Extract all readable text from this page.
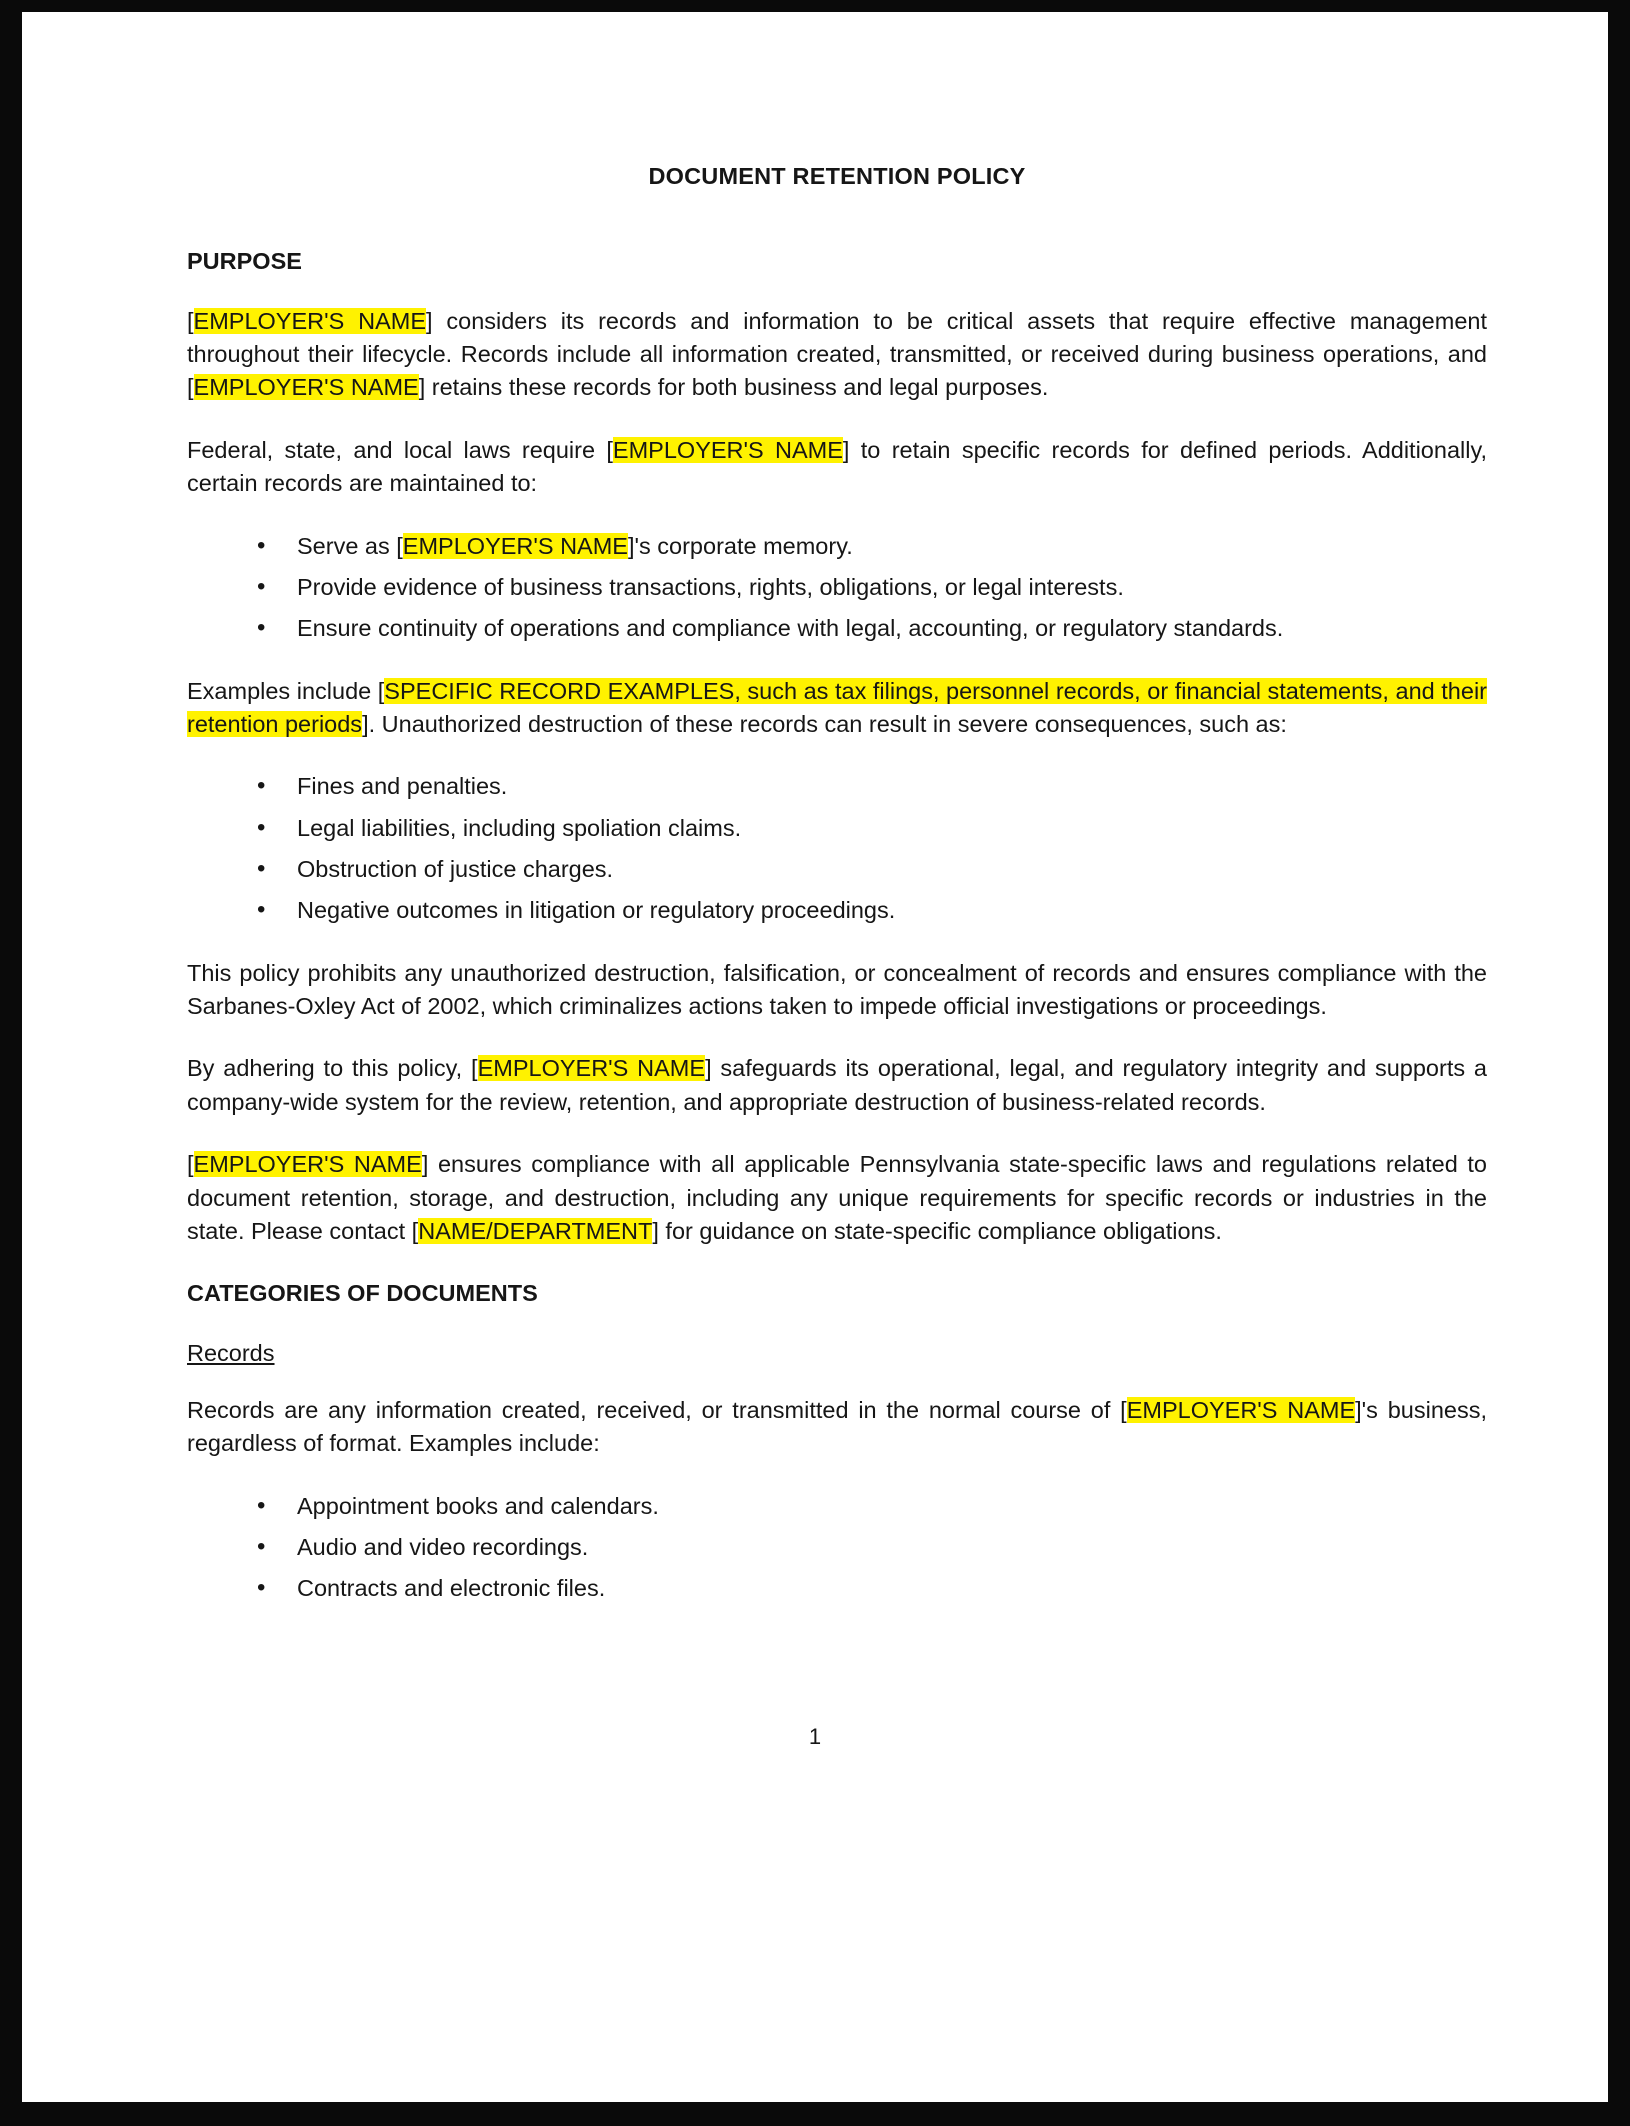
DOCUMENT RETENTION POLICY
PURPOSE

[EMPLOYER'S NAME] considers its records and information to be critical assets that require effective management throughout their lifecycle. Records include all information created, transmitted, or received during business operations, and [EMPLOYER'S NAME] retains these records for both business and legal purposes.

Federal, state, and local laws require [EMPLOYER'S NAME] to retain specific records for defined periods. Additionally, certain records are maintained to:

• Serve as [EMPLOYER'S NAME]'s corporate memory.
• Provide evidence of business transactions, rights, obligations, or legal interests.
• Ensure continuity of operations and compliance with legal, accounting, or regulatory standards.

Examples include [SPECIFIC RECORD EXAMPLES, such as tax filings, personnel records, or financial statements, and their retention periods]. Unauthorized destruction of these records can result in severe consequences, such as:

• Fines and penalties.
• Legal liabilities, including spoliation claims.
• Obstruction of justice charges.
• Negative outcomes in litigation or regulatory proceedings.

This policy prohibits any unauthorized destruction, falsification, or concealment of records and ensures compliance with the Sarbanes-Oxley Act of 2002, which criminalizes actions taken to impede official investigations or proceedings.

By adhering to this policy, [EMPLOYER'S NAME] safeguards its operational, legal, and regulatory integrity and supports a company-wide system for the review, retention, and appropriate destruction of business-related records.

[EMPLOYER'S NAME] ensures compliance with all applicable Pennsylvania state-specific laws and regulations related to document retention, storage, and destruction, including any unique requirements for specific records or industries in the state. Please contact [NAME/DEPARTMENT] for guidance on state-specific compliance obligations.

CATEGORIES OF DOCUMENTS
Records

Records are any information created, received, or transmitted in the normal course of [EMPLOYER'S NAME]'s business, regardless of format. Examples include:

• Appointment books and calendars.
• Audio and video recordings.
• Contracts and electronic files.
1
